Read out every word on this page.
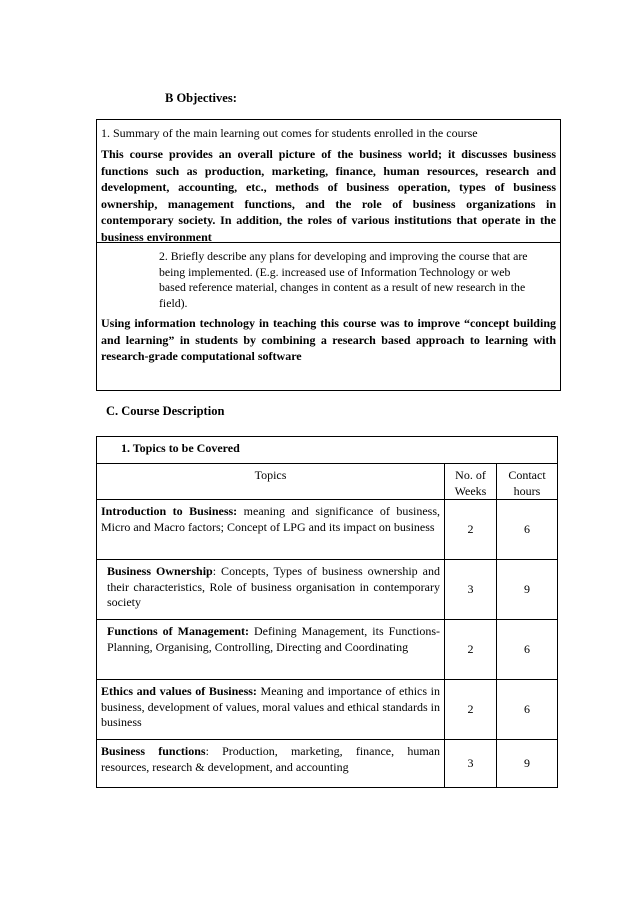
B Objectives:
1. Summary of the main learning out comes for students enrolled in the course
This course provides an overall picture of the business world; it discusses business functions such as production, marketing, finance, human resources, research and development, accounting, etc., methods of business operation, types of business ownership, management functions, and the role of business organizations in contemporary society. In addition, the roles of various institutions that operate in the business environment
2. Briefly describe any plans for developing and improving the course that are being implemented. (E.g. increased use of Information Technology or web based reference material, changes in content as a result of new research in the field).
Using information technology in teaching this course was to improve “concept building and learning” in students by combining a research based approach to learning with research-grade computational software
C. Course Description
1. Topics to be Covered		
Topics	No. of Weeks	Contact hours

Introduction to Business: meaning and significance of business, Micro and Macro factors; Concept of LPG and its impact on business	2	6

Business Ownership: Concepts, Types of business ownership and their characteristics, Role of business organisation in contemporary society	3	9

Functions of Management: Defining Management, its Functions- Planning, Organising, Controlling, Directing and Coordinating	2	6

Ethics and values of Business: Meaning and importance of ethics in business, development of values, moral values and ethical standards in business	2	6

Business functions: Production, marketing, finance, human resources, research & development, and accounting	3	9
